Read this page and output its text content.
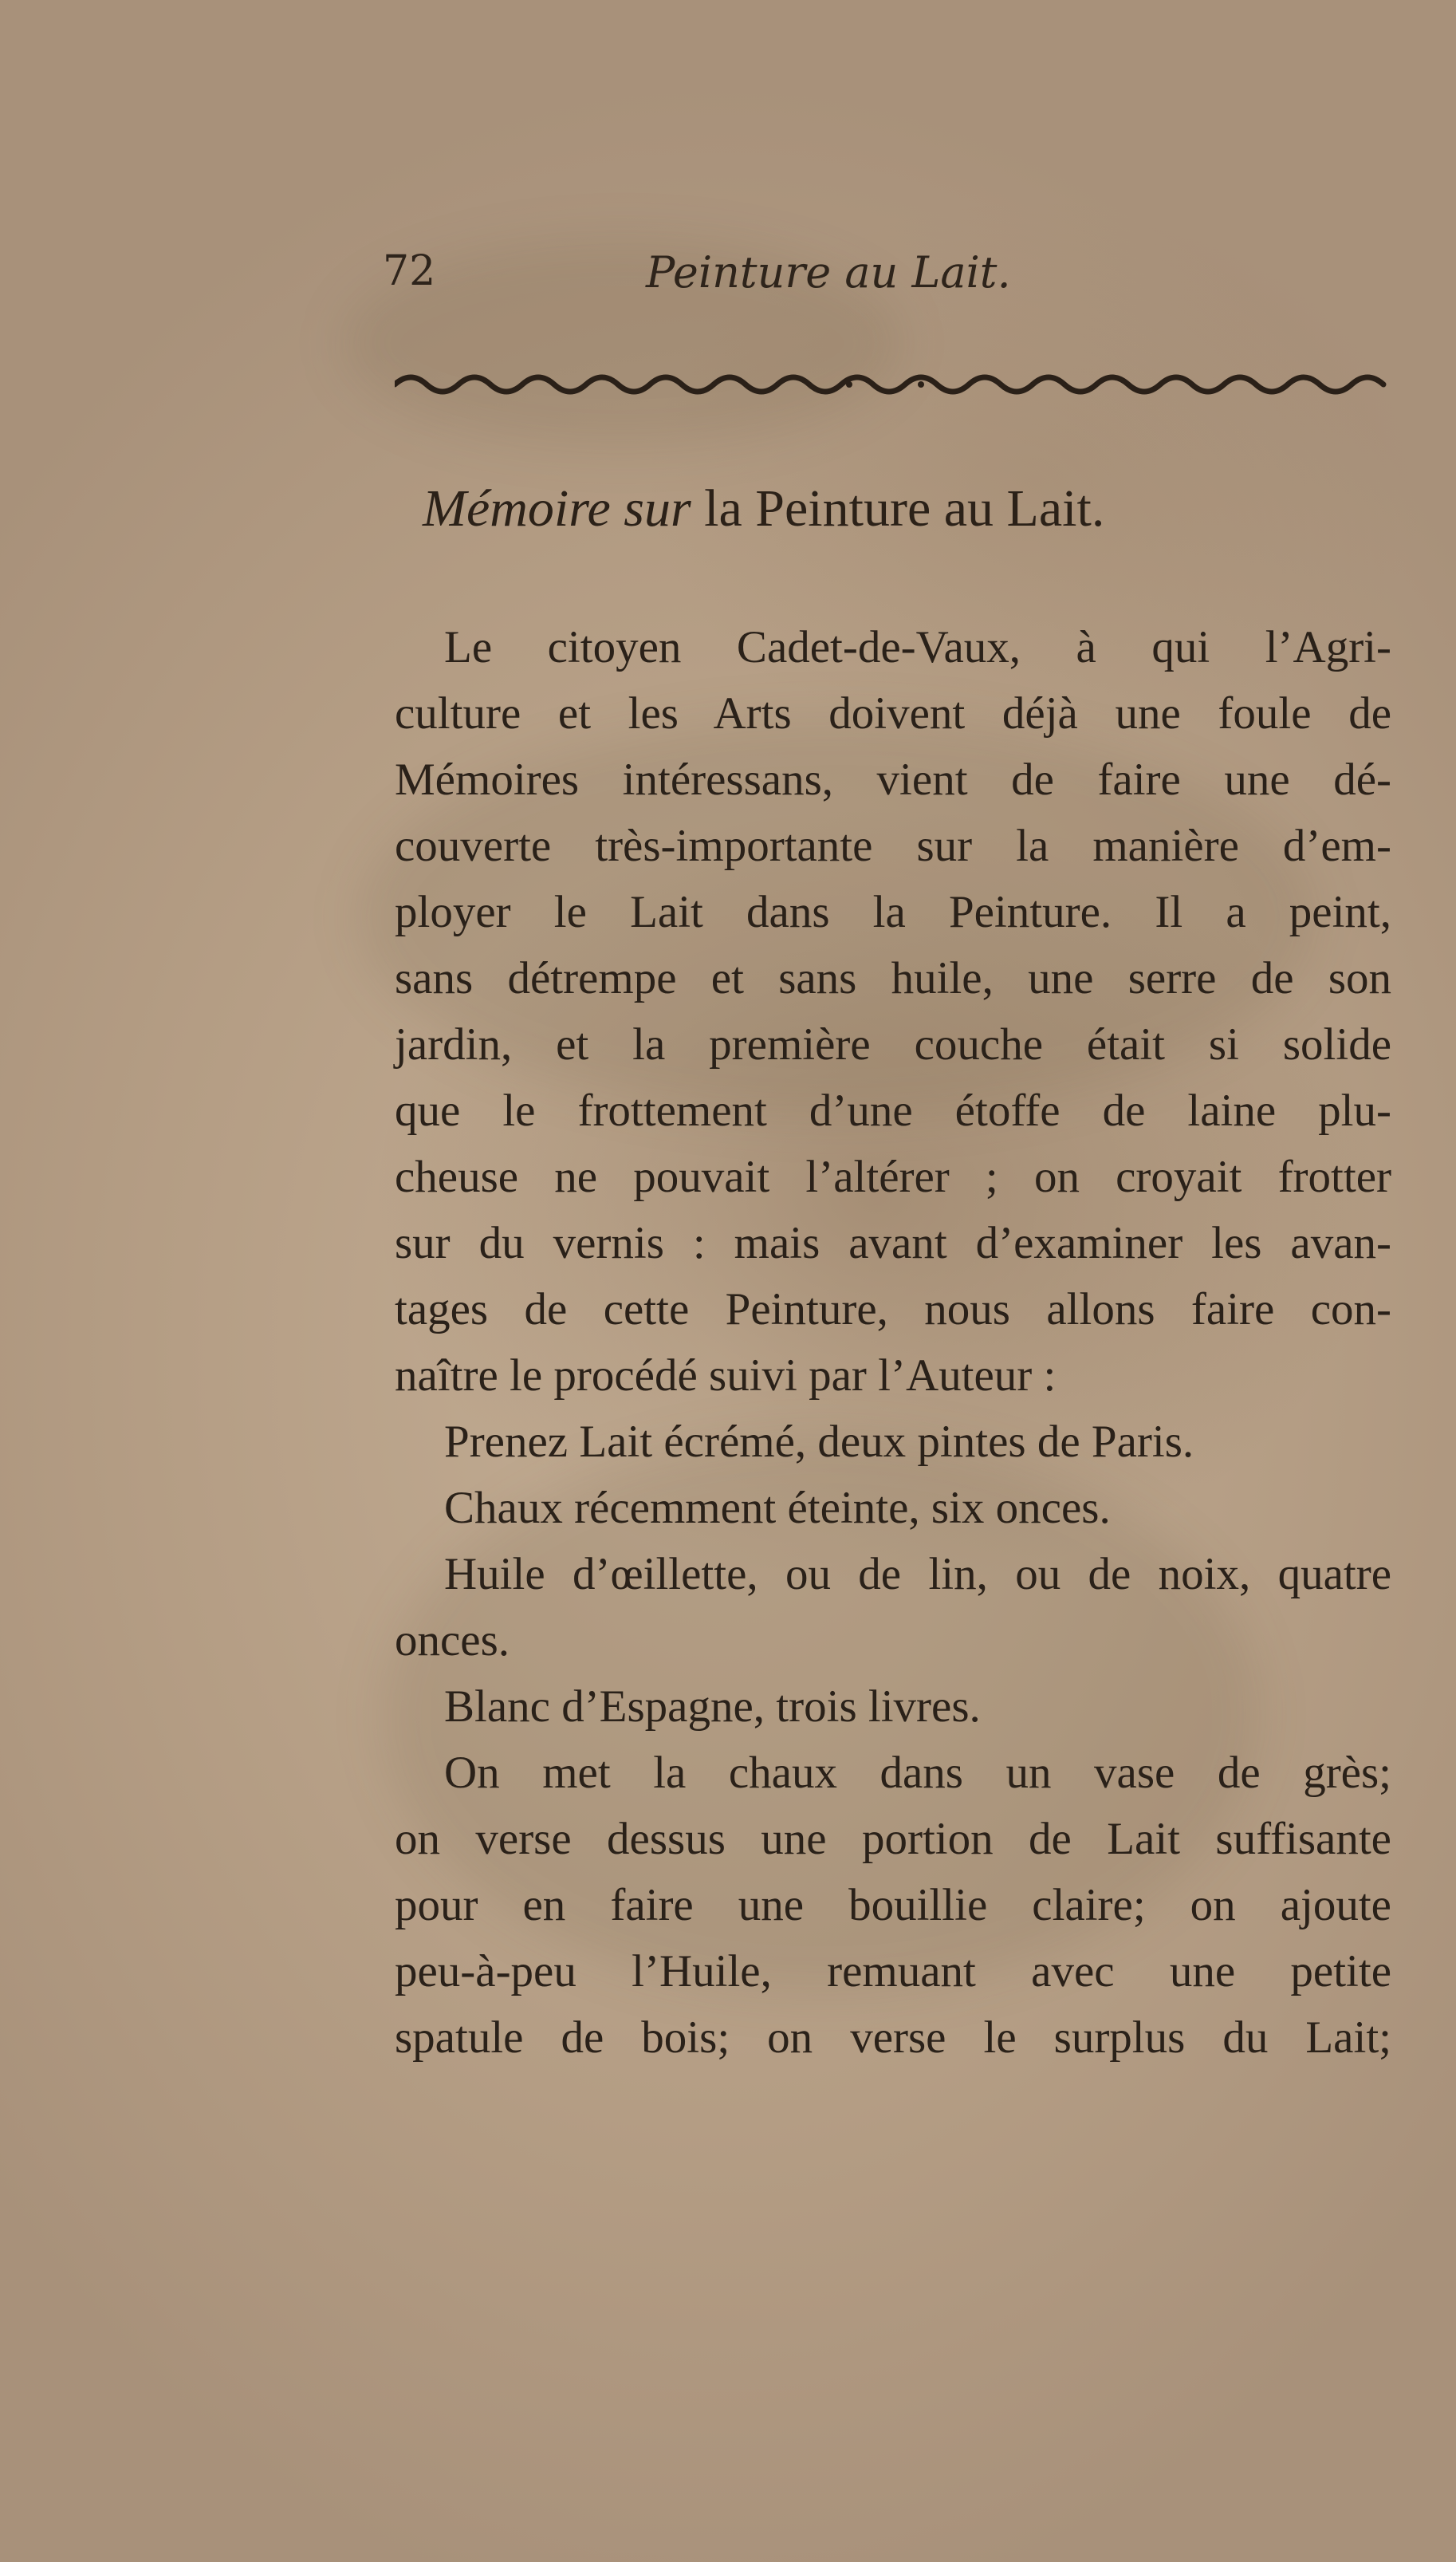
72	Peinture au Lait.
Mémoire sur la Peinture au Lait.
Le citoyen Cadet-de-Vaux, à qui l’Agri-
culture et les Arts doivent déjà une foule de
Mémoires intéressans, vient de faire une dé-
couverte très-importante sur la manière d’em-
ployer le Lait dans la Peinture. Il a peint,
sans détrempe et sans huile, une serre de son
jardin, et la première couche était si solide
que le frottement d’une étoffe de laine plu-
cheuse ne pouvait l’altérer ; on croyait frotter
sur du vernis : mais avant d’examiner les avan-
tages de cette Peinture, nous allons faire con-
naître le procédé suivi par l’Auteur :
Prenez Lait écrémé, deux pintes de Paris.
Chaux récemment éteinte, six onces.
Huile d’œillette, ou de lin, ou de noix, quatre
onces.
Blanc d’Espagne, trois livres.
On met la chaux dans un vase de grès;
on verse dessus une portion de Lait suffisante
pour en faire une bouillie claire; on ajoute
peu-à-peu l’Huile, remuant avec une petite
spatule de bois; on verse le surplus du Lait;
